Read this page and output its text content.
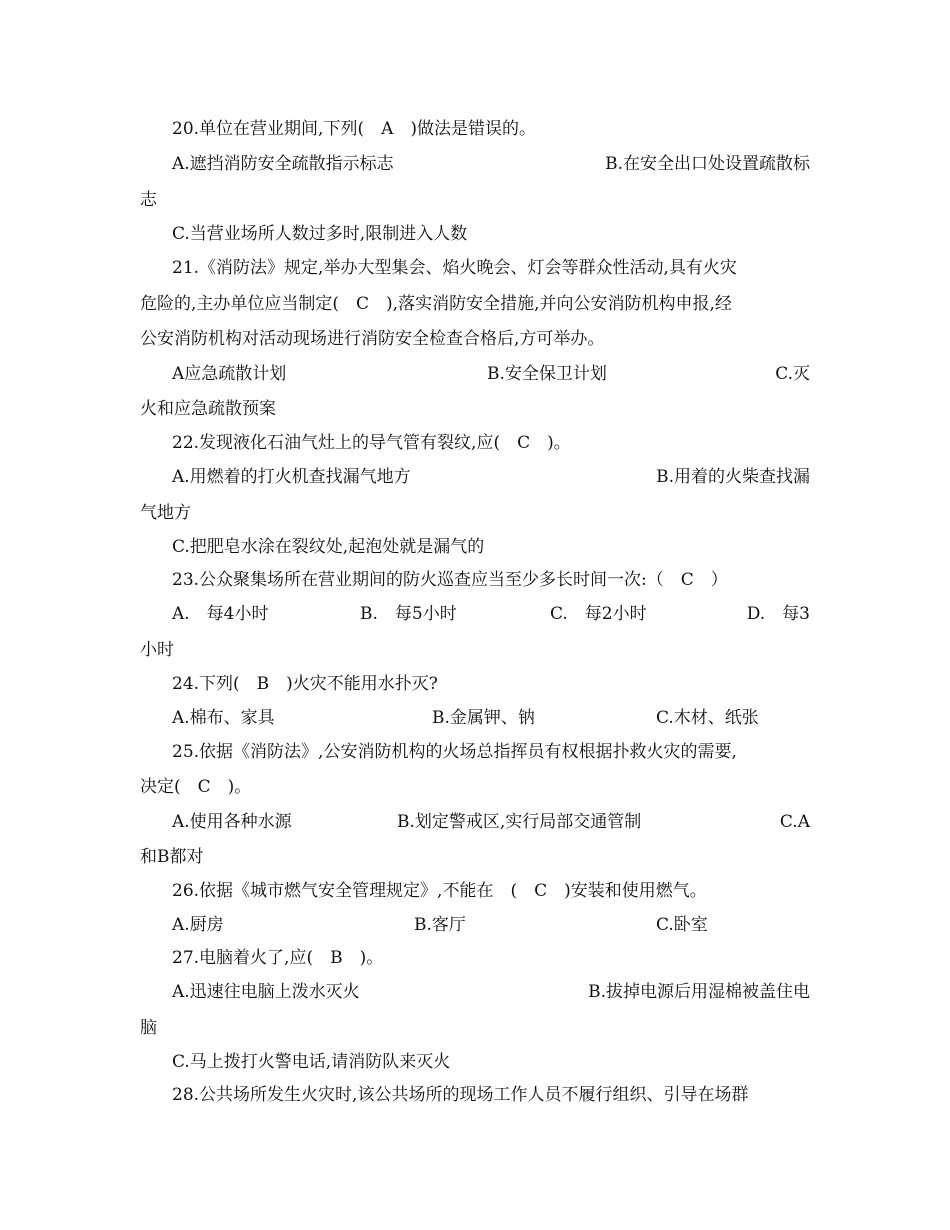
20.单位在营业期间,下列(　A　)做法是错误的。
A.遮挡消防安全疏散指示标志	B.在安全出口处设置疏散标
志
C.当营业场所人数过多时,限制进入人数
21.《消防法》规定,举办大型集会、焰火晚会、灯会等群众性活动,具有火灾
危险的,主办单位应当制定(　C　),落实消防安全措施,并向公安消防机构申报,经
公安消防机构对活动现场进行消防安全检查合格后,方可举办。
A应急疏散计划	B.安全保卫计划	C.灭
火和应急疏散预案
22.发现液化石油气灶上的导气管有裂纹,应(　C　)。
A.用燃着的打火机查找漏气地方	B.用着的火柴查找漏
气地方
C.把肥皂水涂在裂纹处,起泡处就是漏气的
23.公众聚集场所在营业期间的防火巡查应当至少多长时间一次:（　C　）
A.　每4小时	B.　每5小时	C.　每2小时	D.　每3
小时
24.下列(　B　)火灾不能用水扑灭?
A.棉布、家具	B.金属钾、钠	C.木材、纸张
25.依据《消防法》,公安消防机构的火场总指挥员有权根据扑救火灾的需要,
决定(　C　)。
A.使用各种水源	B.划定警戒区,实行局部交通管制	C.A
和B都对
26.依据《城市燃气安全管理规定》,不能在　(　C　)安装和使用燃气。
A.厨房	B.客厅	C.卧室
27.电脑着火了,应(　B　)。
A.迅速往电脑上泼水灭火	B.拔掉电源后用湿棉被盖住电
脑
C.马上拨打火警电话,请消防队来灭火
28.公共场所发生火灾时,该公共场所的现场工作人员不履行组织、引导在场群
